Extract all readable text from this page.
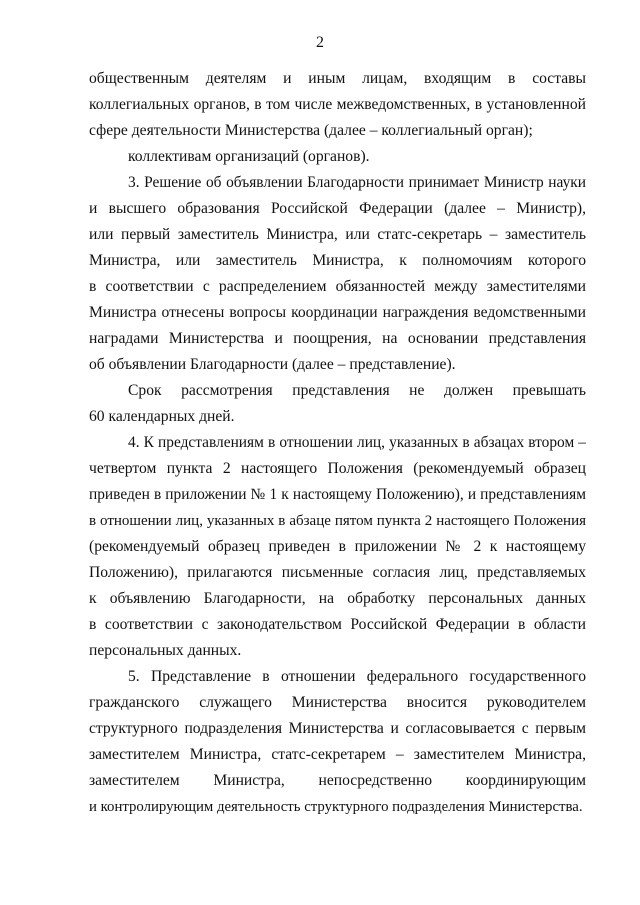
2
общественным деятелям и иным лицам, входящим в составы
коллегиальных органов, в том числе межведомственных, в установленной
сфере деятельности Министерства (далее – коллегиальный орган);
коллективам организаций (органов).
3. Решение об объявлении Благодарности принимает Министр науки
и высшего образования Российской Федерации (далее – Министр),
или первый заместитель Министра, или статс-секретарь – заместитель
Министра, или заместитель Министра, к полномочиям которого
в соответствии с распределением обязанностей между заместителями
Министра отнесены вопросы координации награждения ведомственными
наградами Министерства и поощрения, на основании представления
об объявлении Благодарности (далее – представление).
Срок рассмотрения представления не должен превышать
60 календарных дней.
4. К представлениям в отношении лиц, указанных в абзацах втором –
четвертом пункта 2 настоящего Положения (рекомендуемый образец
приведен в приложении № 1 к настоящему Положению), и представлениям
в отношении лиц, указанных в абзаце пятом пункта 2 настоящего Положения
(рекомендуемый образец приведен в приложении № 2 к настоящему
Положению), прилагаются письменные согласия лиц, представляемых
к объявлению Благодарности, на обработку персональных данных
в соответствии с законодательством Российской Федерации в области
персональных данных.
5. Представление в отношении федерального государственного
гражданского служащего Министерства вносится руководителем
структурного подразделения Министерства и согласовывается с первым
заместителем Министра, статс-секретарем – заместителем Министра,
заместителем Министра, непосредственно координирующим
и контролирующим деятельность структурного подразделения Министерства.
